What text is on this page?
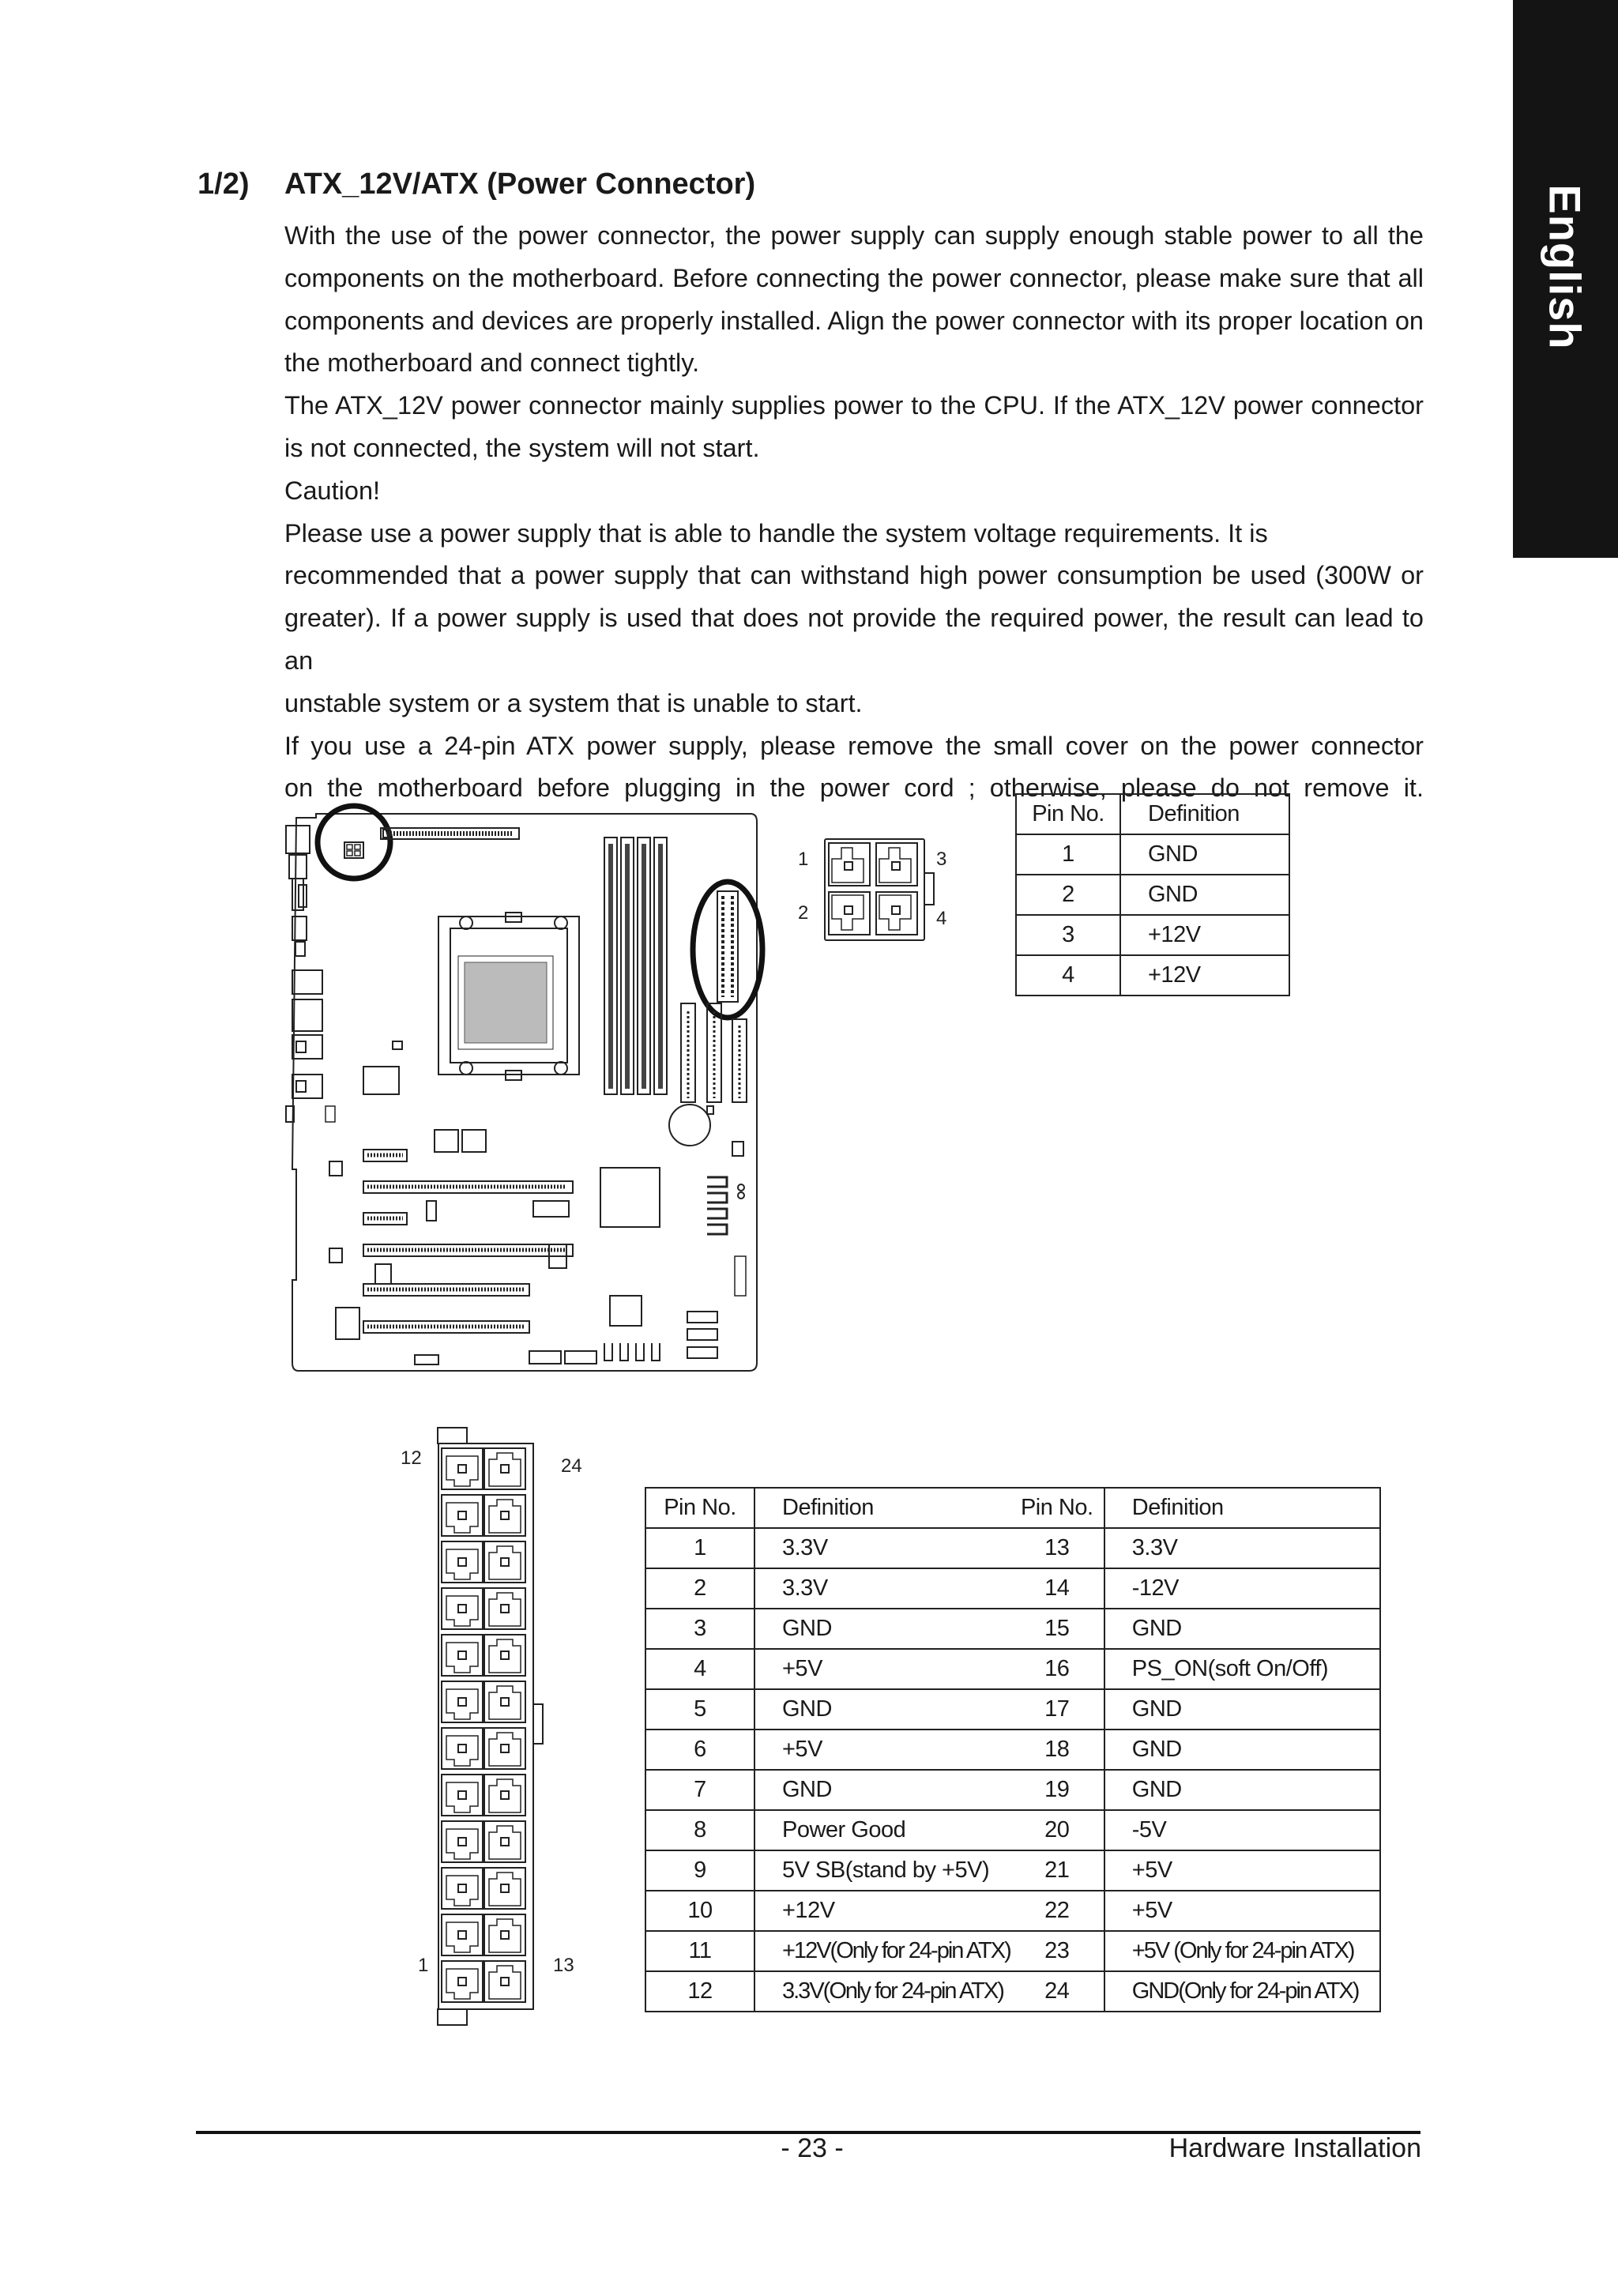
English
1/2) ATX_12V/ATX (Power Connector)

With the use of the power connector, the power supply can supply enough stable power to all the

components on the motherboard. Before connecting the power connector, please make sure that all

components and devices are properly installed. Align the power connector with its proper location on

the motherboard and connect tightly.

The ATX_12V power connector mainly supplies power to the CPU. If the ATX_12V power connector

is not connected, the system will not start.

Caution!

Please use a power supply that is able to handle the system voltage requirements. It is

recommended that a power supply that can withstand high power consumption be used (300W or

greater). If a power supply is used that does not provide the required power, the result can lead to an

unstable system or a system that is unable to start.

If you use a 24-pin ATX power supply, please remove the small cover on the power connector

on the motherboard before plugging in the power cord ; otherwise, please do not remove it.

1
2
3
4
Pin No.	Definition
1	GND
2	GND
3	+12V
4	+12V
12	24
1	13
Pin No.	Definition	Pin No.	Definition
1	3.3V	13	3.3V
2	3.3V	14	-12V
3	GND	15	GND
4	+5V	16	PS_ON(soft On/Off)
5	GND	17	GND
6	+5V	18	GND
7	GND	19	GND
8	Power Good	20	-5V
9	5V SB(stand by +5V)	21	+5V
10	+12V	22	+5V
11	+12V(Only for 24-pin ATX)	23	+5V (Only for 24-pin ATX)
12	3.3V(Only for 24-pin ATX)	24	GND(Only for 24-pin ATX)
- 23 -	Hardware Installation
